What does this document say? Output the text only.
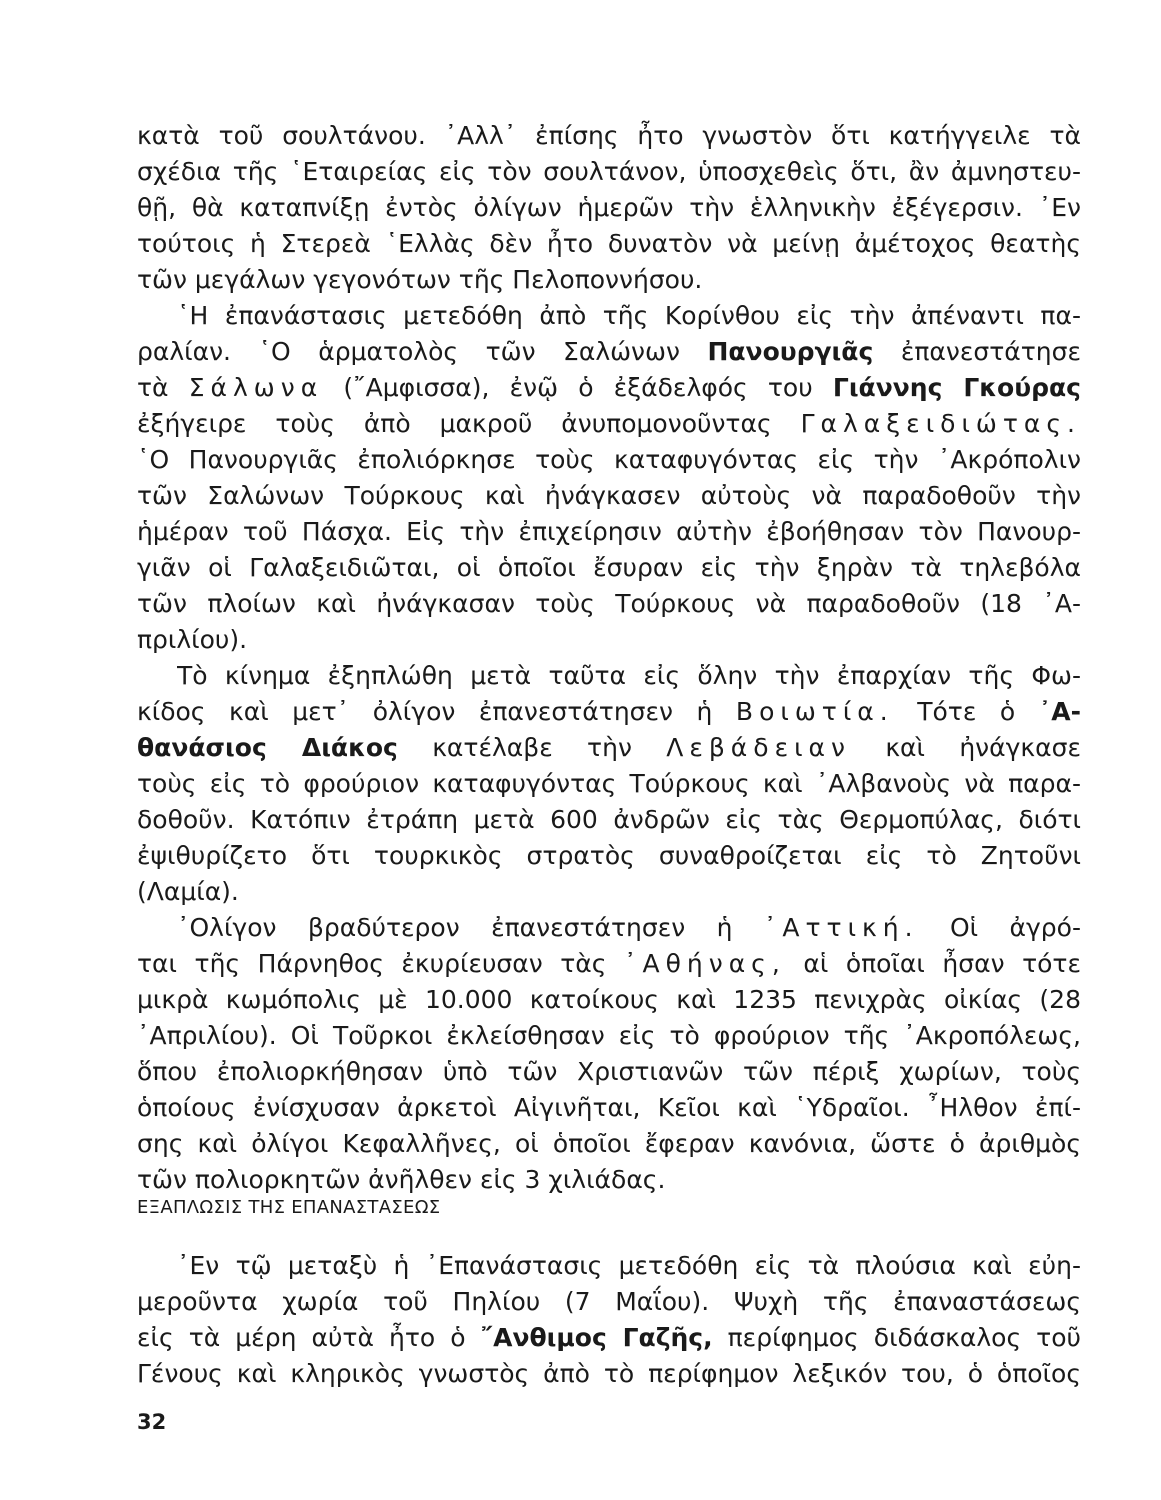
κατὰ τοῦ σουλτάνου. ᾿Αλλ᾿ ἐπίσης ἦτο γνωστὸν ὅτι κατήγγειλε τὰ
σχέδια τῆς ῾Εταιρείας εἰς τὸν σουλτάνον, ὑποσχεθεὶς ὅτι, ἂν ἀμνηστευ-
θῇ, θὰ καταπνίξῃ ἐντὸς ὀλίγων ἡμερῶν τὴν ἑλληνικὴν ἐξέγερσιν. ᾿Εν
τούτοις ἡ Στερεὰ ῾Ελλὰς δὲν ἦτο δυνατὸν νὰ μείνῃ ἀμέτοχος θεατὴς
τῶν μεγάλων γεγονότων τῆς Πελοποννήσου.
῾Η ἐπανάστασις μετεδόθη ἀπὸ τῆς Κορίνθου εἰς τὴν ἀπέναντι πα-
ραλίαν. ῾Ο ἁρματολὸς τῶν Σαλώνων Πανουργιᾶς ἐπανεστάτησε
τὰ Σάλωνα (῎Αμφισσα), ἐνῷ ὁ ἐξάδελφός του Γιάννης Γκούρας
ἐξήγειρε τοὺς ἀπὸ μακροῦ ἀνυπομονοῦντας Γαλαξειδιώτας.
῾Ο Πανουργιᾶς ἐπολιόρκησε τοὺς καταφυγόντας εἰς τὴν ᾿Ακρόπολιν
τῶν Σαλώνων Τούρκους καὶ ἠνάγκασεν αὐτοὺς νὰ παραδοθοῦν τὴν
ἡμέραν τοῦ Πάσχα. Εἰς τὴν ἐπιχείρησιν αὐτὴν ἐβοήθησαν τὸν Πανουρ-
γιᾶν οἱ Γαλαξειδιῶται, οἱ ὁποῖοι ἔσυραν εἰς τὴν ξηρὰν τὰ τηλεβόλα
τῶν πλοίων καὶ ἠνάγκασαν τοὺς Τούρκους νὰ παραδοθοῦν (18 ᾿Α-
πριλίου).
Τὸ κίνημα ἐξηπλώθη μετὰ ταῦτα εἰς ὅλην τὴν ἐπαρχίαν τῆς Φω-
κίδος καὶ μετ᾿ ὀλίγον ἐπανεστάτησεν ἡ Βοιωτία. Τότε ὁ ᾿Α-
θανάσιος Διάκος κατέλαβε τὴν Λεβάδειαν καὶ ἠνάγκασε
τοὺς εἰς τὸ φρούριον καταφυγόντας Τούρκους καὶ ᾿Αλβανοὺς νὰ παρα-
δοθοῦν. Κατόπιν ἐτράπη μετὰ 600 ἀνδρῶν εἰς τὰς Θερμοπύλας, διότι
ἐψιθυρίζετο ὅτι τουρκικὸς στρατὸς συναθροίζεται εἰς τὸ Ζητοῦνι
(Λαμία).
᾿Ολίγον βραδύτερον ἐπανεστάτησεν ἡ ᾿Αττική. Οἱ ἀγρό-
ται τῆς Πάρνηθος ἐκυρίευσαν τὰς ᾿Αθήνας, αἱ ὁποῖαι ἦσαν τότε
μικρὰ κωμόπολις μὲ 10.000 κατοίκους καὶ 1235 πενιχρὰς οἰκίας (28
᾿Απριλίου). Οἱ Τοῦρκοι ἐκλείσθησαν εἰς τὸ φρούριον τῆς ᾿Ακροπόλεως,
ὅπου ἐπολιορκήθησαν ὑπὸ τῶν Χριστιανῶν τῶν πέριξ χωρίων, τοὺς
ὁποίους ἐνίσχυσαν ἀρκετοὶ Αἰγινῆται, Κεῖοι καὶ ῾Υδραῖοι. ῏Ηλθον ἐπί-
σης καὶ ὀλίγοι Κεφαλλῆνες, οἱ ὁποῖοι ἔφεραν κανόνια, ὥστε ὁ ἀριθμὸς
τῶν πολιορκητῶν ἀνῆλθεν εἰς 3 χιλιάδας.
᾿Εν τῷ μεταξὺ ἡ ᾿Επανάστασις μετεδόθη εἰς τὰ πλούσια καὶ εὐη-
μεροῦντα χωρία τοῦ Πηλίου (7 Μαΐου). Ψυχὴ τῆς ἐπαναστάσεως
εἰς τὰ μέρη αὐτὰ ἦτο ὁ ῎Ανθιμος Γαζῆς, περίφημος διδάσκαλος τοῦ
Γένους καὶ κληρικὸς γνωστὸς ἀπὸ τὸ περίφημον λεξικόν του, ὁ ὁποῖος
ΕΞΑΠΛΩΣΙΣ ΤΗΣ ΕΠΑΝΑΣΤΑΣΕΩΣ
32
